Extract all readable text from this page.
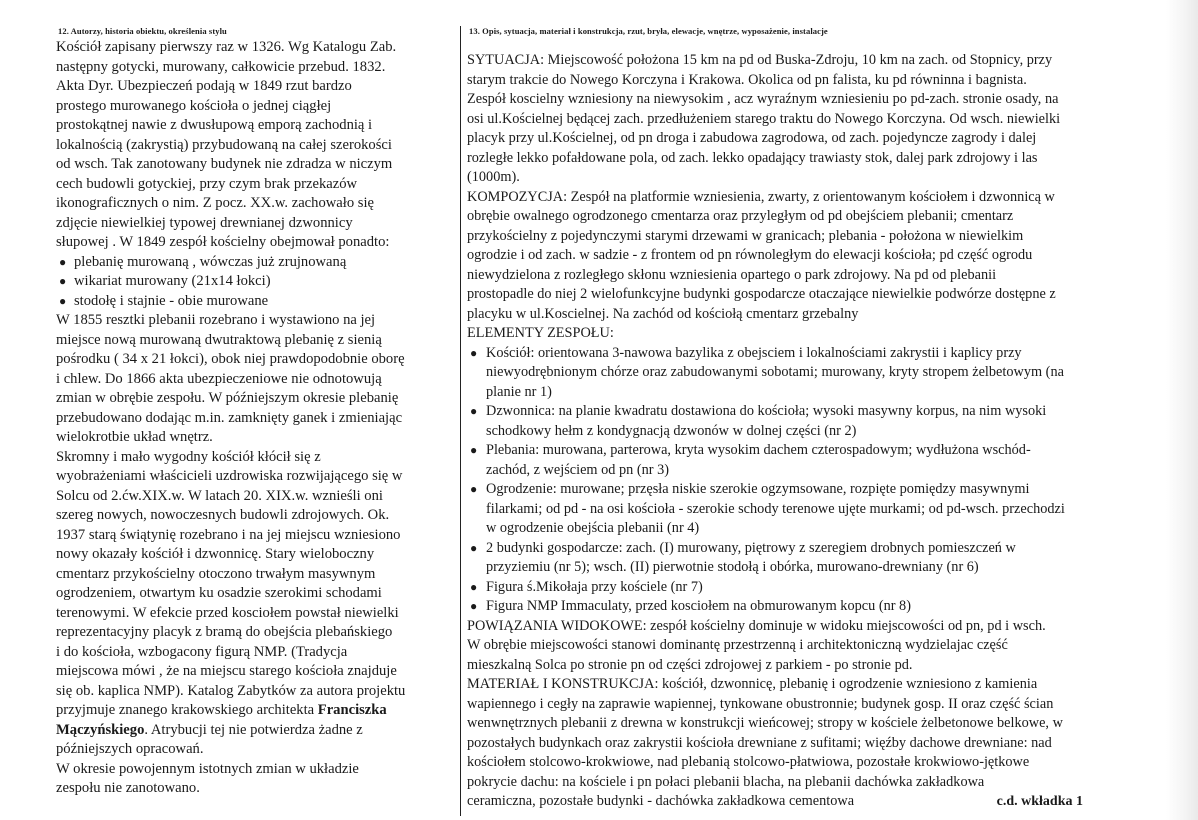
12. Autorzy, historia obiektu, określenia stylu
Kościół zapisany pierwszy raz w 1326. Wg Katalogu Zab.
następny gotycki, murowany, całkowicie przebud. 1832.
Akta Dyr. Ubezpieczeń podają w 1849 rzut bardzo
prostego murowanego kościoła o jednej ciągłej
prostokątnej nawie z dwusłupową emporą zachodnią i
lokalnością (zakrystią) przybudowaną na całej szerokości
od wsch. Tak zanotowany budynek nie zdradza w niczym
cech budowli gotyckiej, przy czym brak przekazów
ikonograficznych o nim. Z pocz. XX.w. zachowało się
zdjęcie niewielkiej typowej drewnianej dzwonnicy
słupowej . W 1849 zespół kościelny obejmował ponadto:
● plebanię murowaną , wówczas już zrujnowaną
● wikariat murowany (21x14 łokci)
● stodołę i stajnie - obie murowane
W 1855 resztki plebanii rozebrano i wystawiono na jej
miejsce nową murowaną dwutraktową plebanię z sienią
pośrodku ( 34 x 21 łokci), obok niej prawdopodobnie oborę
i chlew. Do 1866 akta ubezpieczeniowe nie odnotowują
zmian w obrębie zespołu. W późniejszym okresie plebanię
przebudowano dodając m.in. zamknięty ganek i zmieniając
wielokrotbie układ wnętrz.
Skromny i mało wygodny kościół kłócił się z
wyobrażeniami właścicieli uzdrowiska rozwijającego się w
Solcu od 2.ćw.XIX.w. W latach 20. XIX.w. wznieśli oni
szereg nowych, nowoczesnych budowli zdrojowych. Ok.
1937 starą świątynię rozebrano i na jej miejscu wzniesiono
nowy okazały kościół i dzwonnicę. Stary wieloboczny
cmentarz przykościelny otoczono trwałym masywnym
ogrodzeniem, otwartym ku osadzie szerokimi schodami
terenowymi. W efekcie przed kosciołem powstał niewielki
reprezentacyjny placyk z bramą do obejścia plebańskiego
i do kościoła, wzbogacony figurą NMP. (Tradycja
miejscowa mówi , że na miejscu starego kościoła znajduje
się ob. kaplica NMP). Katalog Zabytków za autora projektu
przyjmuje znanego krakowskiego architekta Franciszka
Mączyńskiego. Atrybucji tej nie potwierdza żadne z
późniejszych opracowań.
W okresie powojennym istotnych zmian w układzie
zespołu nie zanotowano.
13. Opis, sytuacja, materiał i konstrukcja, rzut, bryła, elewacje, wnętrze, wyposażenie, instalacje
SYTUACJA: Miejscowość położona 15 km na pd od Buska-Zdroju, 10 km na zach. od Stopnicy, przy
starym trakcie do Nowego Korczyna i Krakowa. Okolica od pn falista, ku pd równinna i bagnista.
Zespół koscielny wzniesiony na niewysokim , acz wyraźnym wzniesieniu po pd-zach. stronie osady, na
osi ul.Kościelnej będącej zach. przedłużeniem starego traktu do Nowego Korczyna. Od wsch. niewielki
placyk przy ul.Kościelnej, od pn droga i zabudowa zagrodowa, od zach. pojedyncze zagrody i dalej
rozległe lekko pofałdowane pola, od zach. lekko opadający trawiasty stok, dalej park zdrojowy i las
(1000m).
KOMPOZYCJA: Zespół na platformie wzniesienia, zwarty, z orientowanym kościołem i dzwonnicą w
obrębie owalnego ogrodzonego cmentarza oraz przyległym od pd obejściem plebanii; cmentarz
przykościelny z pojedynczymi starymi drzewami w granicach; plebania - położona w niewielkim
ogrodzie i od zach. w sadzie - z frontem od pn równoległym do elewacji kościoła; pd część ogrodu
niewydzielona z rozległego skłonu wzniesienia opartego o park zdrojowy. Na pd od plebanii
prostopadle do niej 2 wielofunkcyjne budynki gospodarcze otaczające niewielkie podwórze dostępne z
placyku w ul.Koscielnej. Na zachód od kościołą cmentarz grzebalny
ELEMENTY ZESPOŁU:
● Kościół: orientowana 3-nawowa bazylika z obejsciem i lokalnościami zakrystii i kaplicy przy
niewyodrębnionym chórze oraz zabudowanymi sobotami; murowany, kryty stropem żelbetowym (na
planie nr 1)
● Dzwonnica: na planie kwadratu dostawiona do kościoła; wysoki masywny korpus, na nim wysoki
schodkowy hełm z kondygnacją dzwonów w dolnej części (nr 2)
● Plebania: murowana, parterowa, kryta wysokim dachem czterospadowym; wydłużona wschód-
zachód, z wejściem od pn (nr 3)
● Ogrodzenie: murowane; przęsła niskie szerokie ogzymsowane, rozpięte pomiędzy masywnymi
filarkami; od pd - na osi kościoła - szerokie schody terenowe ujęte murkami; od pd-wsch. przechodzi
w ogrodzenie obejścia plebanii (nr 4)
● 2 budynki gospodarcze: zach. (I) murowany, piętrowy z szeregiem drobnych pomieszczeń w
przyziemiu (nr 5); wsch. (II) pierwotnie stodołą i obórka, murowano-drewniany (nr 6)
● Figura ś.Mikołaja przy kościele (nr 7)
● Figura NMP Immaculaty, przed kosciołem na obmurowanym kopcu (nr 8)
POWIĄZANIA WIDOKOWE: zespół kościelny dominuje w widoku miejscowości od pn, pd i wsch.
W obrębie miejscowości stanowi dominantę przestrzenną i architektoniczną wydzielajac część
mieszkalną Solca po stronie pn od części zdrojowej z parkiem - po stronie pd.
MATERIAŁ I KONSTRUKCJA: kościół, dzwonnicę, plebanię i ogrodzenie wzniesiono z kamienia
wapiennego i cegły na zaprawie wapiennej, tynkowane obustronnie; budynek gosp. II oraz część ścian
wenwnętrznych plebanii z drewna w konstrukcji wieńcowej; stropy w kościele żelbetonowe belkowe, w
pozostałych budynkach oraz zakrystii kościoła drewniane z sufitami; więźby dachowe drewniane: nad
kościołem stolcowo-krokwiowe, nad plebanią stolcowo-płatwiowa, pozostałe krokwiowo-jętkowe
pokrycie dachu: na kościele i pn połaci plebanii blacha, na plebanii dachówka zakładkowa
ceramiczna, pozostałe budynki - dachówka zakładkowa cementowa	c.d. wkładka 1
